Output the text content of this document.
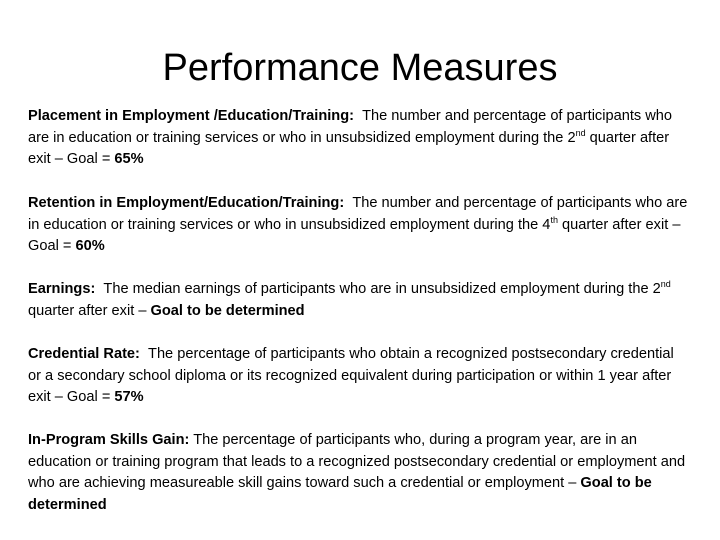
Performance Measures
Placement in Employment /Education/Training: The number and percentage of participants who are in education or training services or who in unsubsidized employment during the 2nd quarter after exit – Goal = 65%
Retention in Employment/Education/Training: The number and percentage of participants who are in education or training services or who in unsubsidized employment during the 4th quarter after exit – Goal = 60%
Earnings: The median earnings of participants who are in unsubsidized employment during the 2nd quarter after exit – Goal to be determined
Credential Rate: The percentage of participants who obtain a recognized postsecondary credential or a secondary school diploma or its recognized equivalent during participation or within 1 year after exit – Goal = 57%
In-Program Skills Gain: The percentage of participants who, during a program year, are in an education or training program that leads to a recognized postsecondary credential or employment and who are achieving measureable skill gains toward such a credential or employment – Goal to be determined
